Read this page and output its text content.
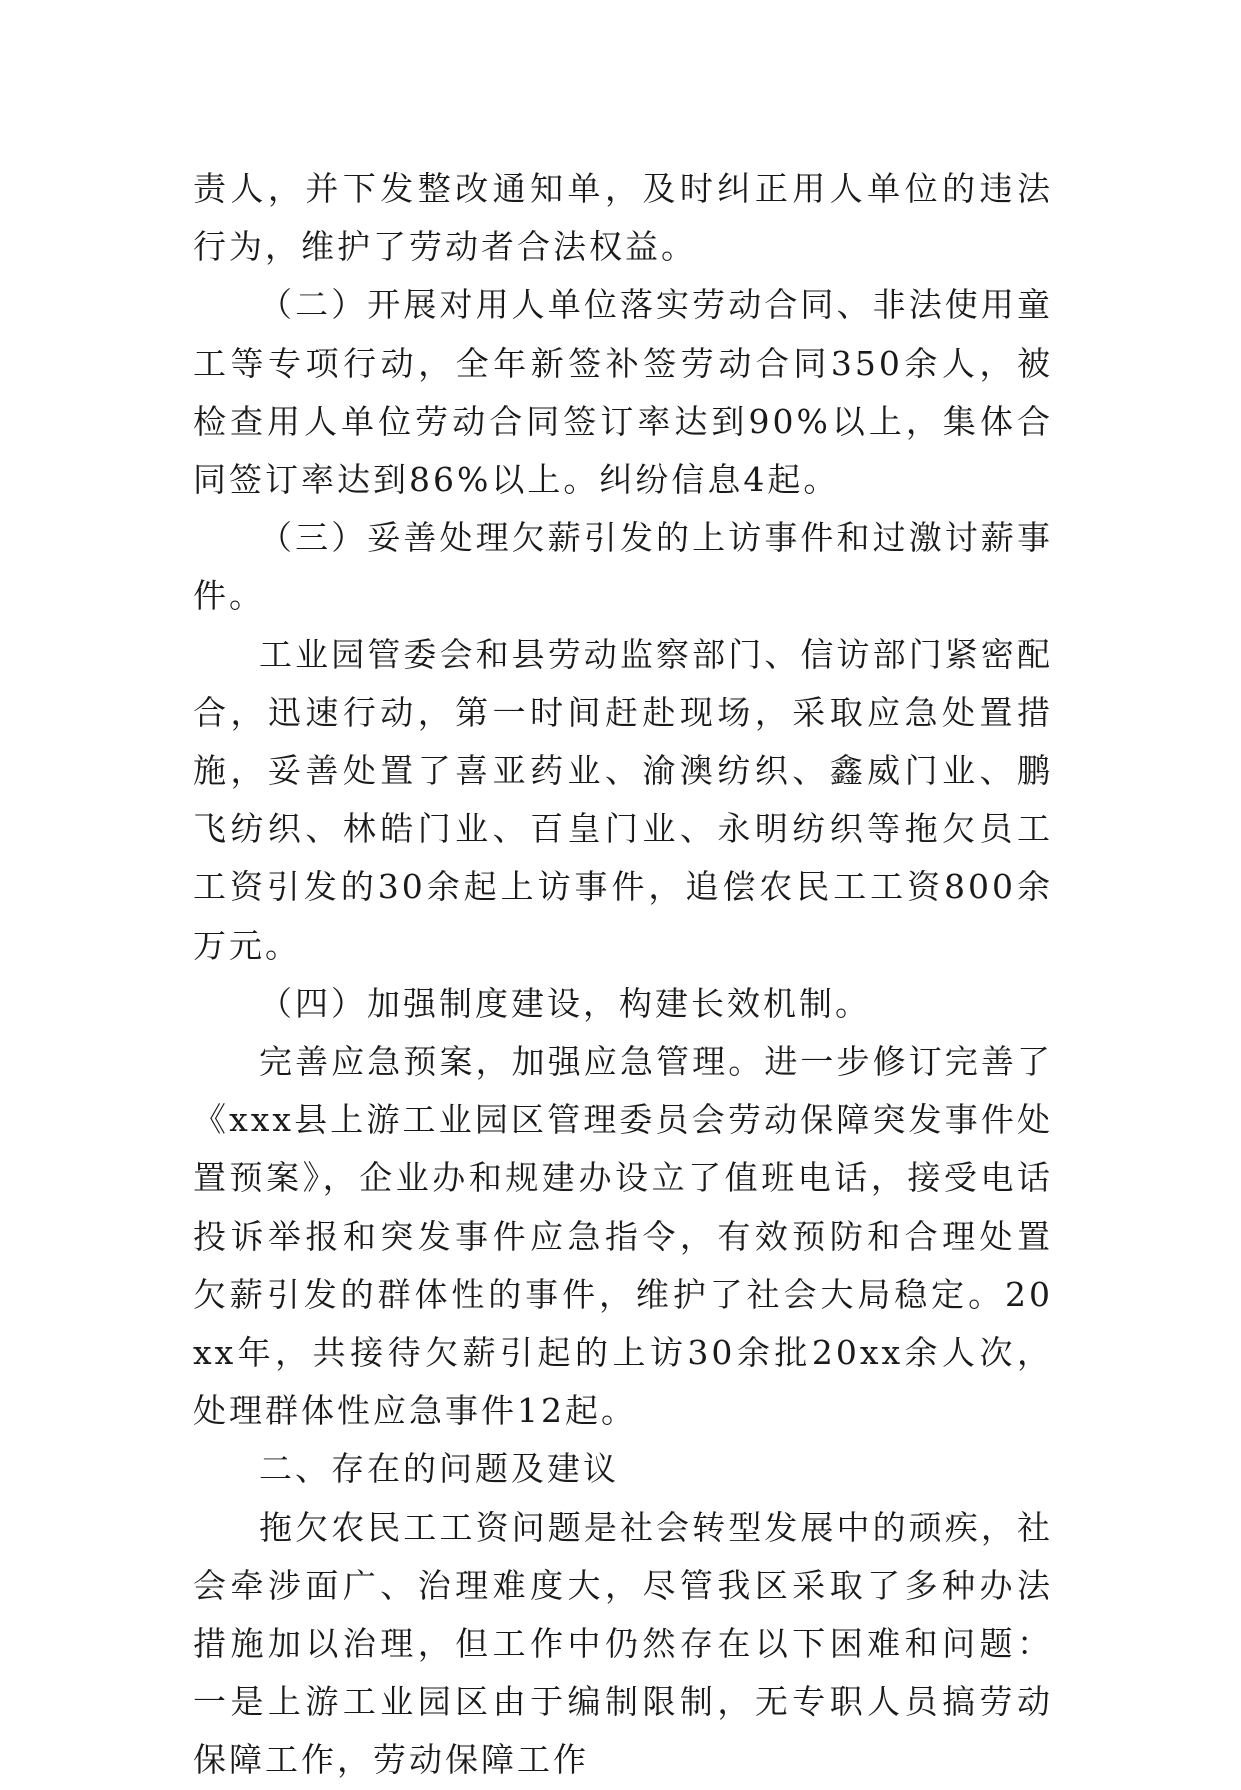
责人，并下发整改通知单，及时纠正用人单位的违法行为，维护了劳动者合法权益。

（二）开展对用人单位落实劳动合同、非法使用童工等专项行动，全年新签补签劳动合同350余人，被检查用人单位劳动合同签订率达到90%以上，集体合同签订率达到86%以上。纠纷信息4起。

（三）妥善处理欠薪引发的上访事件和过激讨薪事件。

工业园管委会和县劳动监察部门、信访部门紧密配合，迅速行动，第一时间赶赴现场，采取应急处置措施，妥善处置了喜亚药业、渝澳纺织、鑫威门业、鹏飞纺织、林皓门业、百皇门业、永明纺织等拖欠员工工资引发的30余起上访事件，追偿农民工工资800余万元。

（四）加强制度建设，构建长效机制。

完善应急预案，加强应急管理。进一步修订完善了《xxx县上游工业园区管理委员会劳动保障突发事件处置预案》，企业办和规建办设立了值班电话，接受电话投诉举报和突发事件应急指令，有效预防和合理处置欠薪引发的群体性的事件，维护了社会大局稳定。20xx年，共接待欠薪引起的上访30余批20xx余人次，处理群体性应急事件12起。

二、存在的问题及建议

拖欠农民工工资问题是社会转型发展中的顽疾，社会牵涉面广、治理难度大，尽管我区采取了多种办法措施加以治理，但工作中仍然存在以下困难和问题：一是上游工业园区由于编制限制，无专职人员搞劳动保障工作，劳动保障工作
